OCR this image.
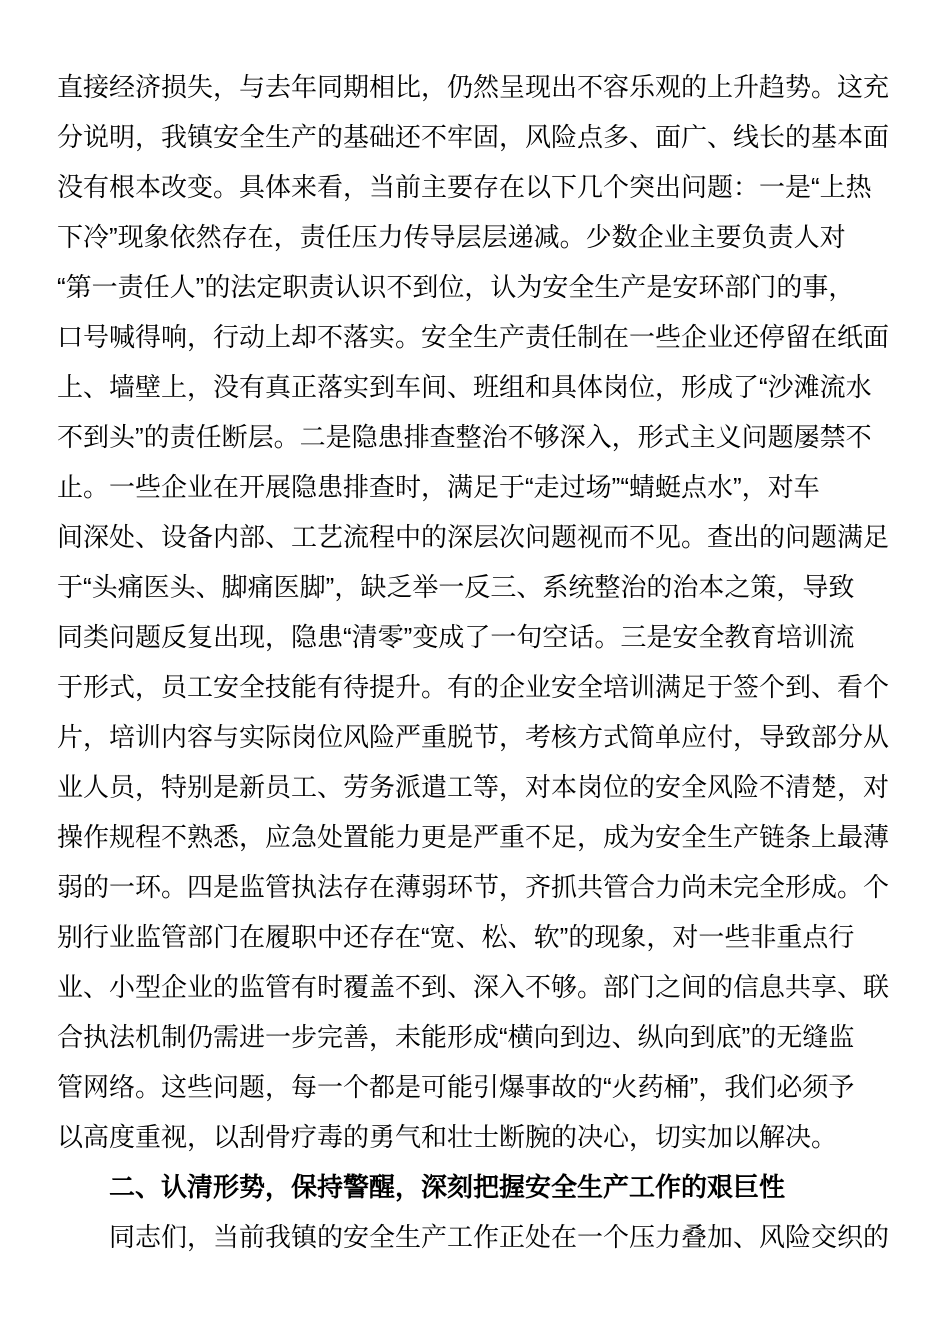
直接经济损失，与去年同期相比，仍然呈现出不容乐观的上升趋势。这充
分说明，我镇安全生产的基础还不牢固，风险点多、面广、线长的基本面
没有根本改变。具体来看，当前主要存在以下几个突出问题：一是“上热
下冷”现象依然存在，责任压力传导层层递减。少数企业主要负责人对
“第一责任人”的法定职责认识不到位，认为安全生产是安环部门的事，
口号喊得响，行动上却不落实。安全生产责任制在一些企业还停留在纸面
上、墙壁上，没有真正落实到车间、班组和具体岗位，形成了“沙滩流水
不到头”的责任断层。二是隐患排查整治不够深入，形式主义问题屡禁不
止。一些企业在开展隐患排查时，满足于“走过场”“蜻蜓点水”，对车
间深处、设备内部、工艺流程中的深层次问题视而不见。查出的问题满足
于“头痛医头、脚痛医脚”，缺乏举一反三、系统整治的治本之策，导致
同类问题反复出现，隐患“清零”变成了一句空话。三是安全教育培训流
于形式，员工安全技能有待提升。有的企业安全培训满足于签个到、看个
片，培训内容与实际岗位风险严重脱节，考核方式简单应付，导致部分从
业人员，特别是新员工、劳务派遣工等，对本岗位的安全风险不清楚，对
操作规程不熟悉，应急处置能力更是严重不足，成为安全生产链条上最薄
弱的一环。四是监管执法存在薄弱环节，齐抓共管合力尚未完全形成。个
别行业监管部门在履职中还存在“宽、松、软”的现象，对一些非重点行
业、小型企业的监管有时覆盖不到、深入不够。部门之间的信息共享、联
合执法机制仍需进一步完善，未能形成“横向到边、纵向到底”的无缝监
管网络。这些问题，每一个都是可能引爆事故的“火药桶”，我们必须予
以高度重视，以刮骨疗毒的勇气和壮士断腕的决心，切实加以解决。
二、认清形势，保持警醒，深刻把握安全生产工作的艰巨性
同志们，当前我镇的安全生产工作正处在一个压力叠加、风险交织的
